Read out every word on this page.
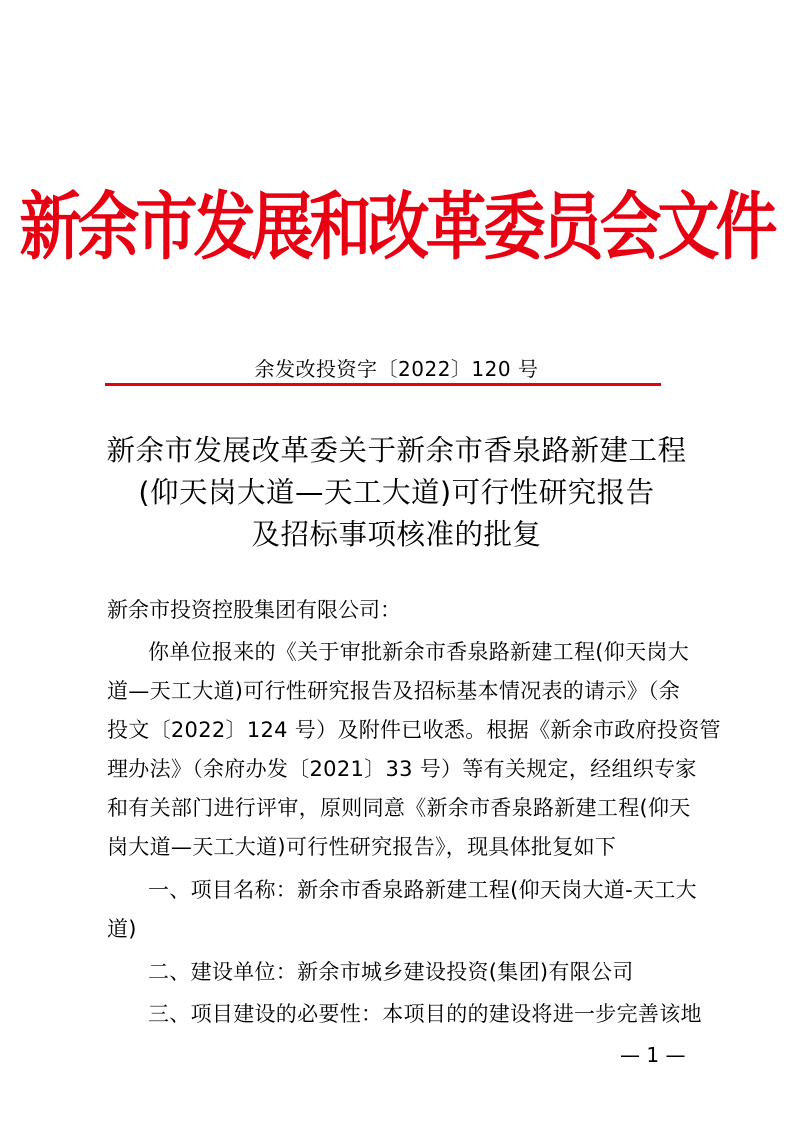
新余市发展和改革委员会文件
余发改投资字〔2022〕120 号
新余市发展改革委关于新余市香泉路新建工程
(仰天岗大道—天工大道)可行性研究报告
及招标事项核准的批复
新余市投资控股集团有限公司：
你单位报来的《关于审批新余市香泉路新建工程(仰天岗大
道—天工大道)可行性研究报告及招标基本情况表的请示》（余
投文〔2022〕124 号）及附件已收悉。根据《新余市政府投资管
理办法》（余府办发〔2021〕33 号）等有关规定，经组织专家
和有关部门进行评审，原则同意《新余市香泉路新建工程(仰天
岗大道—天工大道)可行性研究报告》，现具体批复如下
一、项目名称：新余市香泉路新建工程(仰天岗大道-天工大
道)
二、建设单位：新余市城乡建设投资(集团)有限公司
三、项目建设的必要性：本项目的的建设将进一步完善该地
— 1 —
